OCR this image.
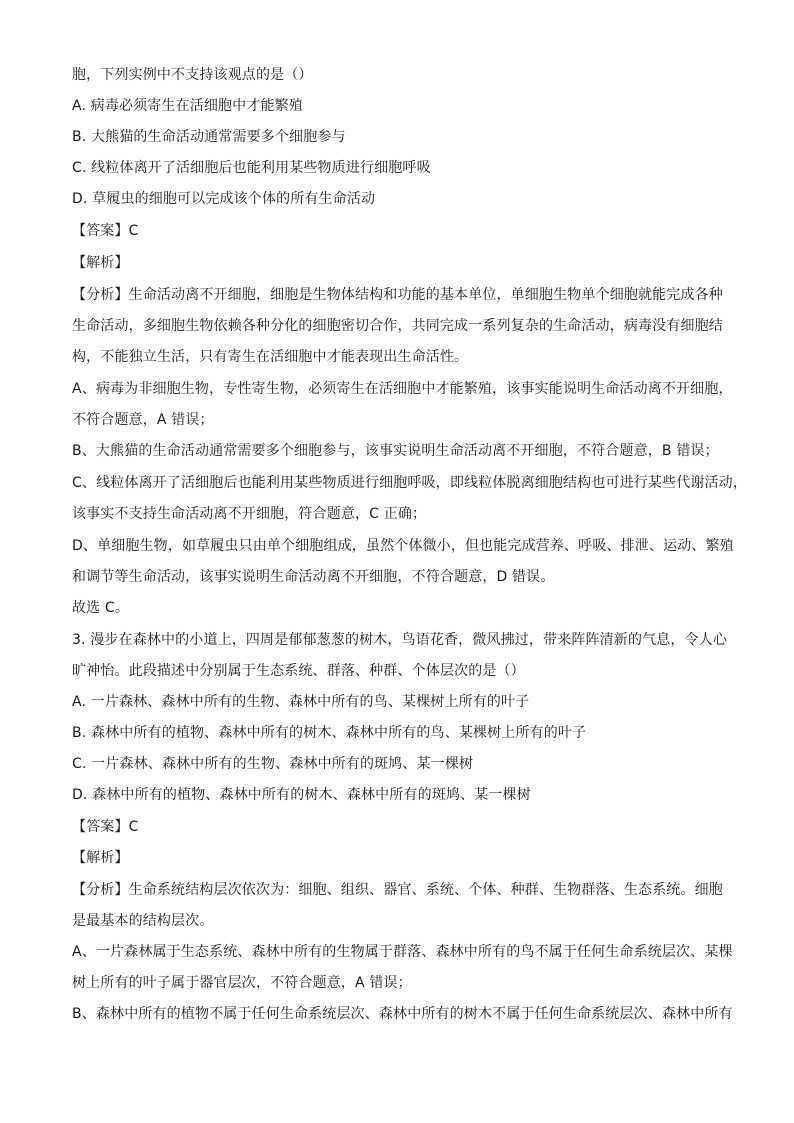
胞，下列实例中不支持该观点的是（）
A. 病毒必须寄生在活细胞中才能繁殖
B. 大熊猫的生命活动通常需要多个细胞参与
C. 线粒体离开了活细胞后也能利用某些物质进行细胞呼吸
D. 草履虫的细胞可以完成该个体的所有生命活动
【答案】C
【解析】
【分析】生命活动离不开细胞，细胞是生物体结构和功能的基本单位，单细胞生物单个细胞就能完成各种
生命活动，多细胞生物依赖各种分化的细胞密切合作，共同完成一系列复杂的生命活动，病毒没有细胞结
构，不能独立生活，只有寄生在活细胞中才能表现出生命活性。
A、病毒为非细胞生物，专性寄生物，必须寄生在活细胞中才能繁殖，该事实能说明生命活动离不开细胞，
不符合题意，A 错误；
B、大熊猫的生命活动通常需要多个细胞参与，该事实说明生命活动离不开细胞，不符合题意，B 错误；
C、线粒体离开了活细胞后也能利用某些物质进行细胞呼吸，即线粒体脱离细胞结构也可进行某些代谢活动，
该事实不支持生命活动离不开细胞，符合题意，C 正确；
D、单细胞生物，如草履虫只由单个细胞组成，虽然个体微小，但也能完成营养、呼吸、排泄、运动、繁殖
和调节等生命活动，该事实说明生命活动离不开细胞，不符合题意，D 错误。
故选 C。
3. 漫步在森林中的小道上，四周是郁郁葱葱的树木，鸟语花香，微风拂过，带来阵阵清新的气息，令人心
旷神怡。此段描述中分别属于生态系统、群落、种群、个体层次的是（）
A. 一片森林、森林中所有的生物、森林中所有的鸟、某棵树上所有的叶子
B. 森林中所有的植物、森林中所有的树木、森林中所有的鸟、某棵树上所有的叶子
C. 一片森林、森林中所有的生物、森林中所有的斑鸠、某一棵树
D. 森林中所有的植物、森林中所有的树木、森林中所有的斑鸠、某一棵树
【答案】C
【解析】
【分析】生命系统结构层次依次为：细胞、组织、器官、系统、个体、种群、生物群落、生态系统。细胞
是最基本的结构层次。
A、一片森林属于生态系统、森林中所有的生物属于群落、森林中所有的鸟不属于任何生命系统层次、某棵
树上所有的叶子属于器官层次，不符合题意，A 错误；
B、森林中所有的植物不属于任何生命系统层次、森林中所有的树木不属于任何生命系统层次、森林中所有
